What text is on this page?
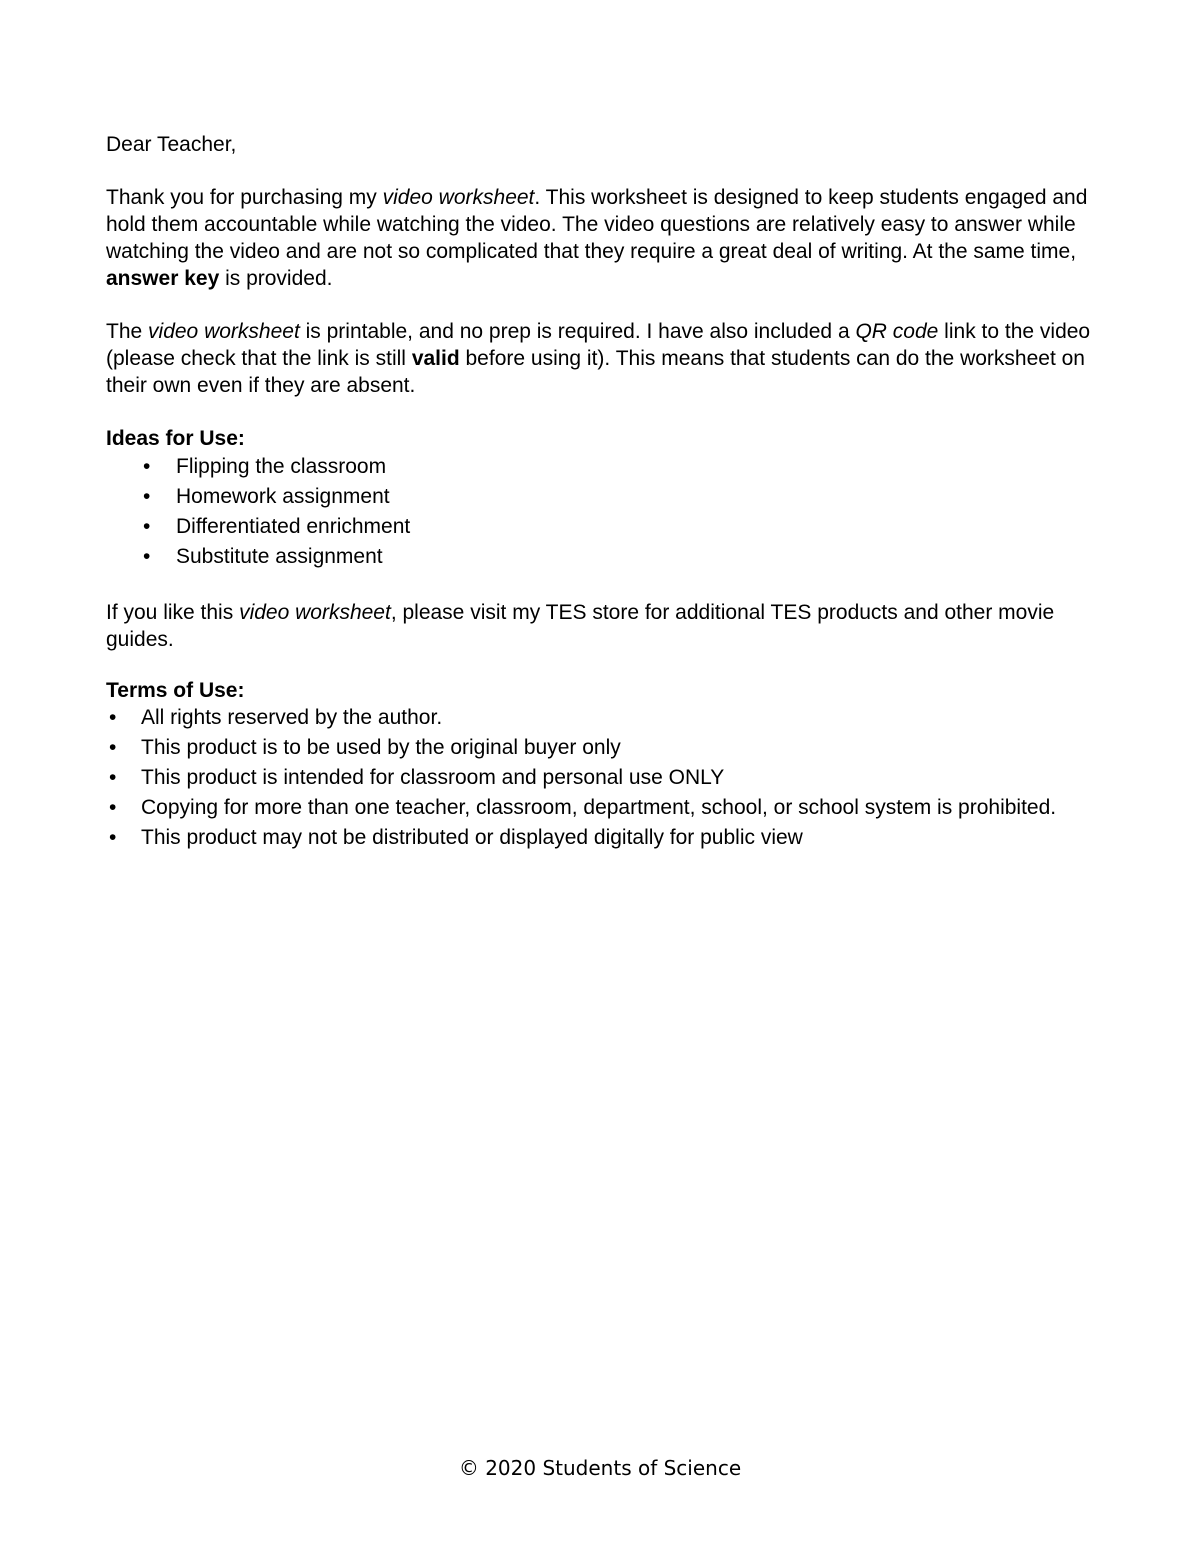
Dear Teacher,

Thank you for purchasing my video worksheet. This worksheet is designed to keep students engaged and hold them accountable while watching the video. The video questions are relatively easy to answer while watching the video and are not so complicated that they require a great deal of writing. At the same time, answer key is provided.

The video worksheet is printable, and no prep is required. I have also included a QR code link to the video (please check that the link is still valid before using it). This means that students can do the worksheet on their own even if they are absent.

Ideas for Use:

• Flipping the classroom
• Homework assignment
• Differentiated enrichment
• Substitute assignment

If you like this video worksheet, please visit my TES store for additional TES products and other movie guides.

Terms of Use:

• All rights reserved by the author.
• This product is to be used by the original buyer only
• This product is intended for classroom and personal use ONLY
• Copying for more than one teacher, classroom, department, school, or school system is prohibited.
• This product may not be distributed or displayed digitally for public view
© 2020 Students of Science
